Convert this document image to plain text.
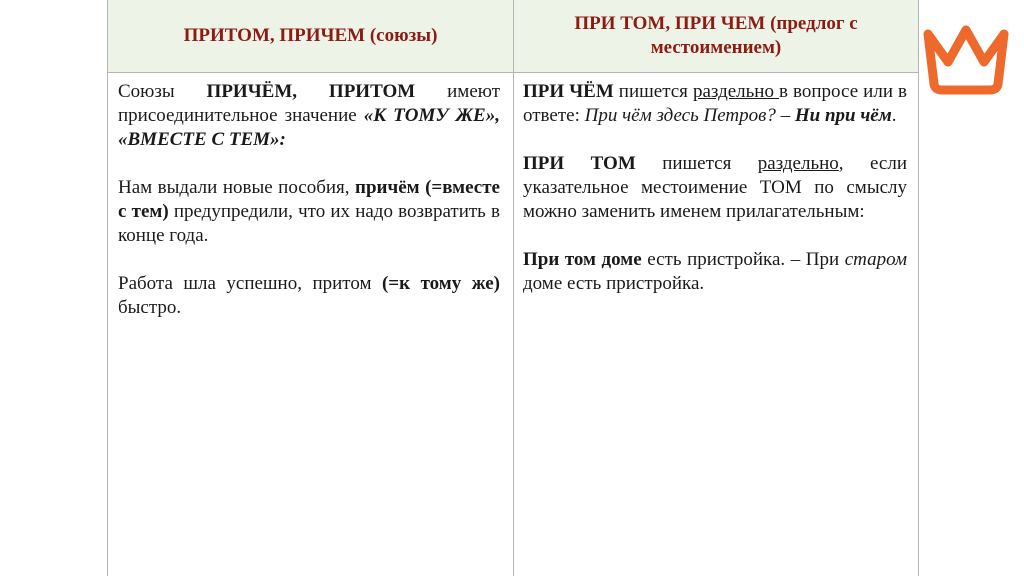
ПРИТОМ, ПРИЧЕМ (союзы)
ПРИ ТОМ, ПРИ ЧЕМ (предлог с местоимением)

Союзы ПРИЧЁМ, ПРИТОМ имеют присоединительное значение «К ТОМУ ЖЕ», «ВМЕСТЕ С ТЕМ»:

Нам выдали новые пособия, причём (=вместе с тем) предупредили, что их надо возвратить в конце года.

Работа шла успешно, притом (=к тому же) быстро.

ПРИ ЧЁМ пишется раздельно в вопросе или в ответе: При чём здесь Петров? – Ни при чём.

ПРИ ТОМ пишется раздельно, если указательное местоимение ТОМ по смыслу можно заменить именем прилагательным:

При том доме есть пристройка. – При старом доме есть пристройка.
